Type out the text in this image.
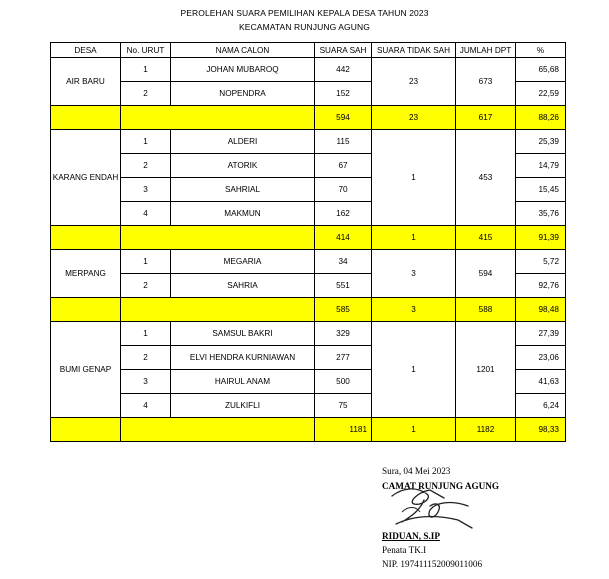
PEROLEHAN SUARA PEMILIHAN KEPALA DESA TAHUN 2023
KECAMATAN RUNJUNG AGUNG
DESA	No. URUT	NAMA CALON	SUARA SAH	SUARA TIDAK SAH	JUMLAH DPT	%
AIR BARU	1	JOHAN MUBAROQ	442	23	673	65,68
	2	NOPENDRA	152			22,59
			594	23	617	88,26
KARANG ENDAH	1	ALDERI	115	1	453	25,39
	2	ATORIK	67			14,79
	3	SAHRIAL	70			15,45
	4	MAKMUN	162			35,76
			414	1	415	91,39
MERPANG	1	MEGARIA	34	3	594	5,72
	2	SAHRIA	551			92,76
			585	3	588	98,48
BUMI GENAP	1	SAMSUL BAKRI	329	1	1201	27,39
	2	ELVI HENDRA KURNIAWAN	277			23,06
	3	HAIRUL ANAM	500			41,63
	4	ZULKIFLI	75			6,24
			1181	1	1182	98,33
Sura, 04 Mei 2023
CAMAT RUNJUNG AGUNG
RIDUAN, S.IP
Penata TK.I
NIP. 197411152009011006
